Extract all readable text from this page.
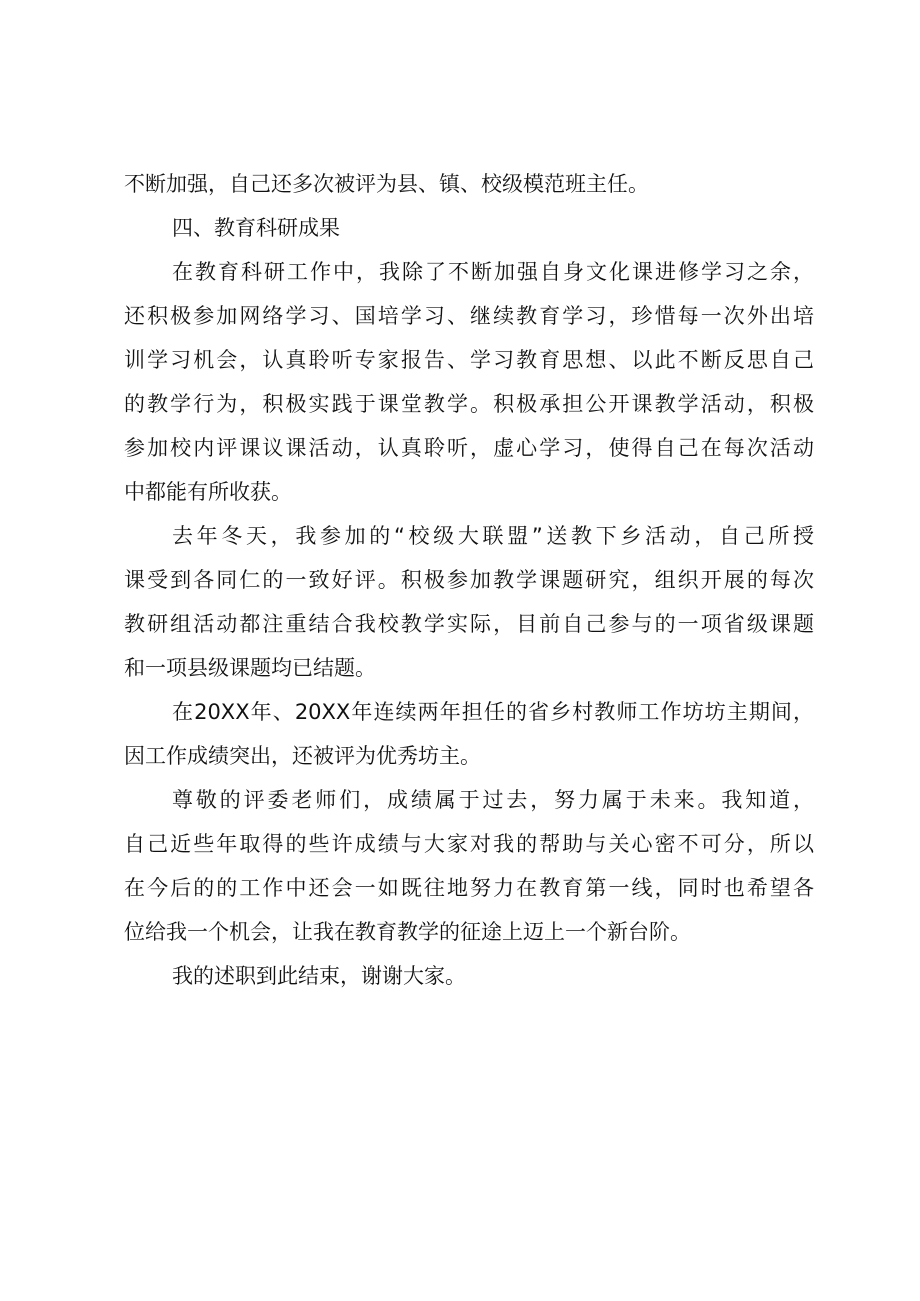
不断加强，自己还多次被评为县、镇、校级模范班主任。
四、教育科研成果
在教育科研工作中，我除了不断加强自身文化课进修学习之余，
还积极参加网络学习、国培学习、继续教育学习，珍惜每一次外出培
训学习机会，认真聆听专家报告、学习教育思想、以此不断反思自己
的教学行为，积极实践于课堂教学。积极承担公开课教学活动，积极
参加校内评课议课活动，认真聆听，虚心学习，使得自己在每次活动
中都能有所收获。
去年冬天，我参加的“校级大联盟”送教下乡活动，自己所授
课受到各同仁的一致好评。积极参加教学课题研究，组织开展的每次
教研组活动都注重结合我校教学实际，目前自己参与的一项省级课题
和一项县级课题均已结题。
在20XX年、20XX年连续两年担任的省乡村教师工作坊坊主期间，
因工作成绩突出，还被评为优秀坊主。
尊敬的评委老师们，成绩属于过去，努力属于未来。我知道，
自己近些年取得的些许成绩与大家对我的帮助与关心密不可分，所以
在今后的的工作中还会一如既往地努力在教育第一线，同时也希望各
位给我一个机会，让我在教育教学的征途上迈上一个新台阶。
我的述职到此结束，谢谢大家。
